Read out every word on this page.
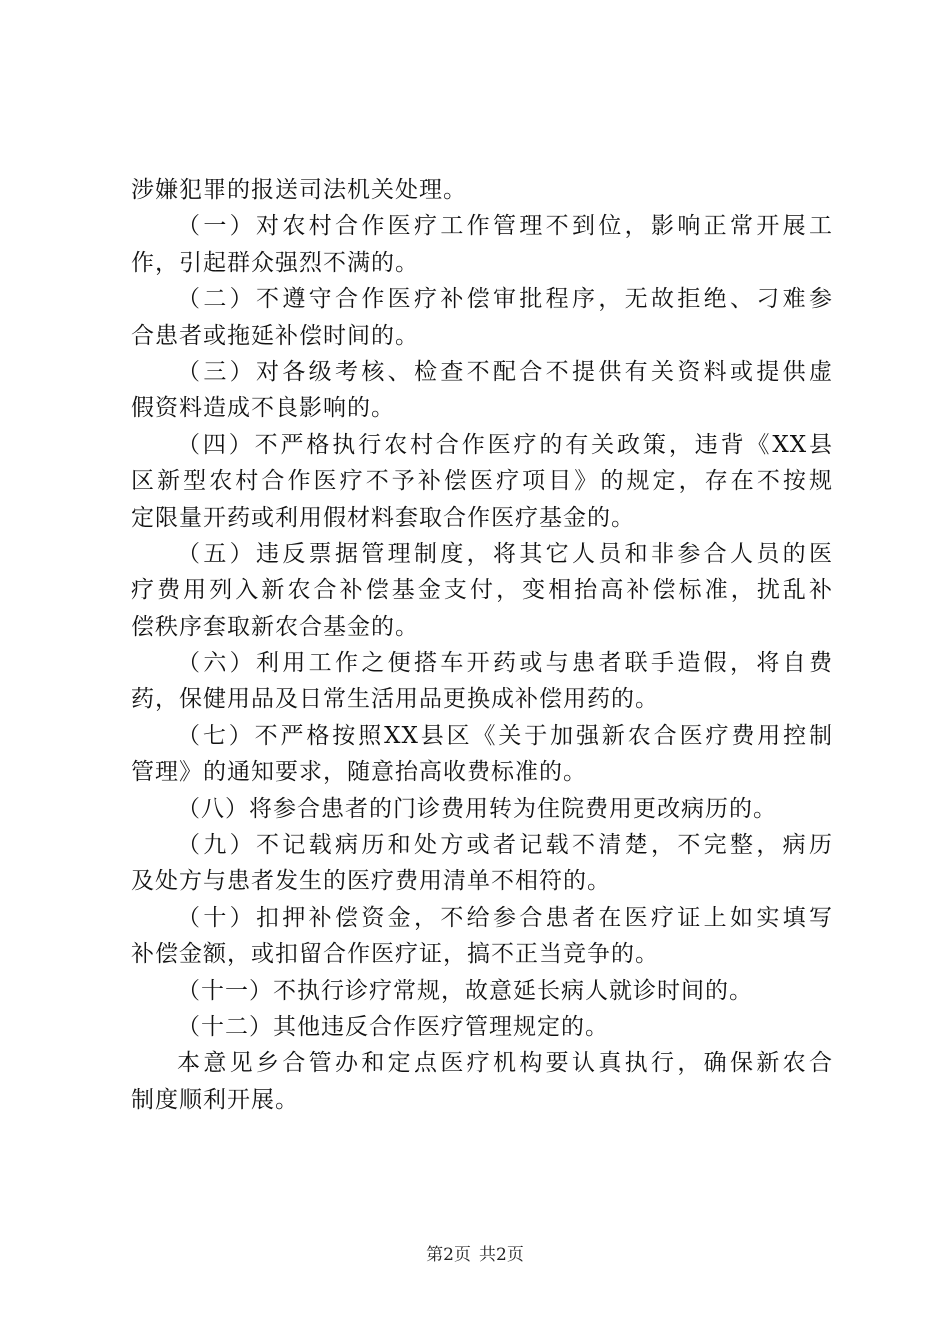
涉嫌犯罪的报送司法机关处理。
（一）对农村合作医疗工作管理不到位，影响正常开展工
作，引起群众强烈不满的。
（二）不遵守合作医疗补偿审批程序，无故拒绝、刁难参
合患者或拖延补偿时间的。
（三）对各级考核、检查不配合不提供有关资料或提供虚
假资料造成不良影响的。
（四）不严格执行农村合作医疗的有关政策，违背《XX县
区新型农村合作医疗不予补偿医疗项目》的规定，存在不按规
定限量开药或利用假材料套取合作医疗基金的。
（五）违反票据管理制度，将其它人员和非参合人员的医
疗费用列入新农合补偿基金支付，变相抬高补偿标准，扰乱补
偿秩序套取新农合基金的。
（六）利用工作之便搭车开药或与患者联手造假，将自费
药，保健用品及日常生活用品更换成补偿用药的。
（七）不严格按照XX县区《关于加强新农合医疗费用控制
管理》的通知要求，随意抬高收费标准的。
（八）将参合患者的门诊费用转为住院费用更改病历的。
（九）不记载病历和处方或者记载不清楚，不完整，病历
及处方与患者发生的医疗费用清单不相符的。
（十）扣押补偿资金，不给参合患者在医疗证上如实填写
补偿金额，或扣留合作医疗证，搞不正当竞争的。
（十一）不执行诊疗常规，故意延长病人就诊时间的。
（十二）其他违反合作医疗管理规定的。
本意见乡合管办和定点医疗机构要认真执行，确保新农合
制度顺利开展。
第2页 共2页
